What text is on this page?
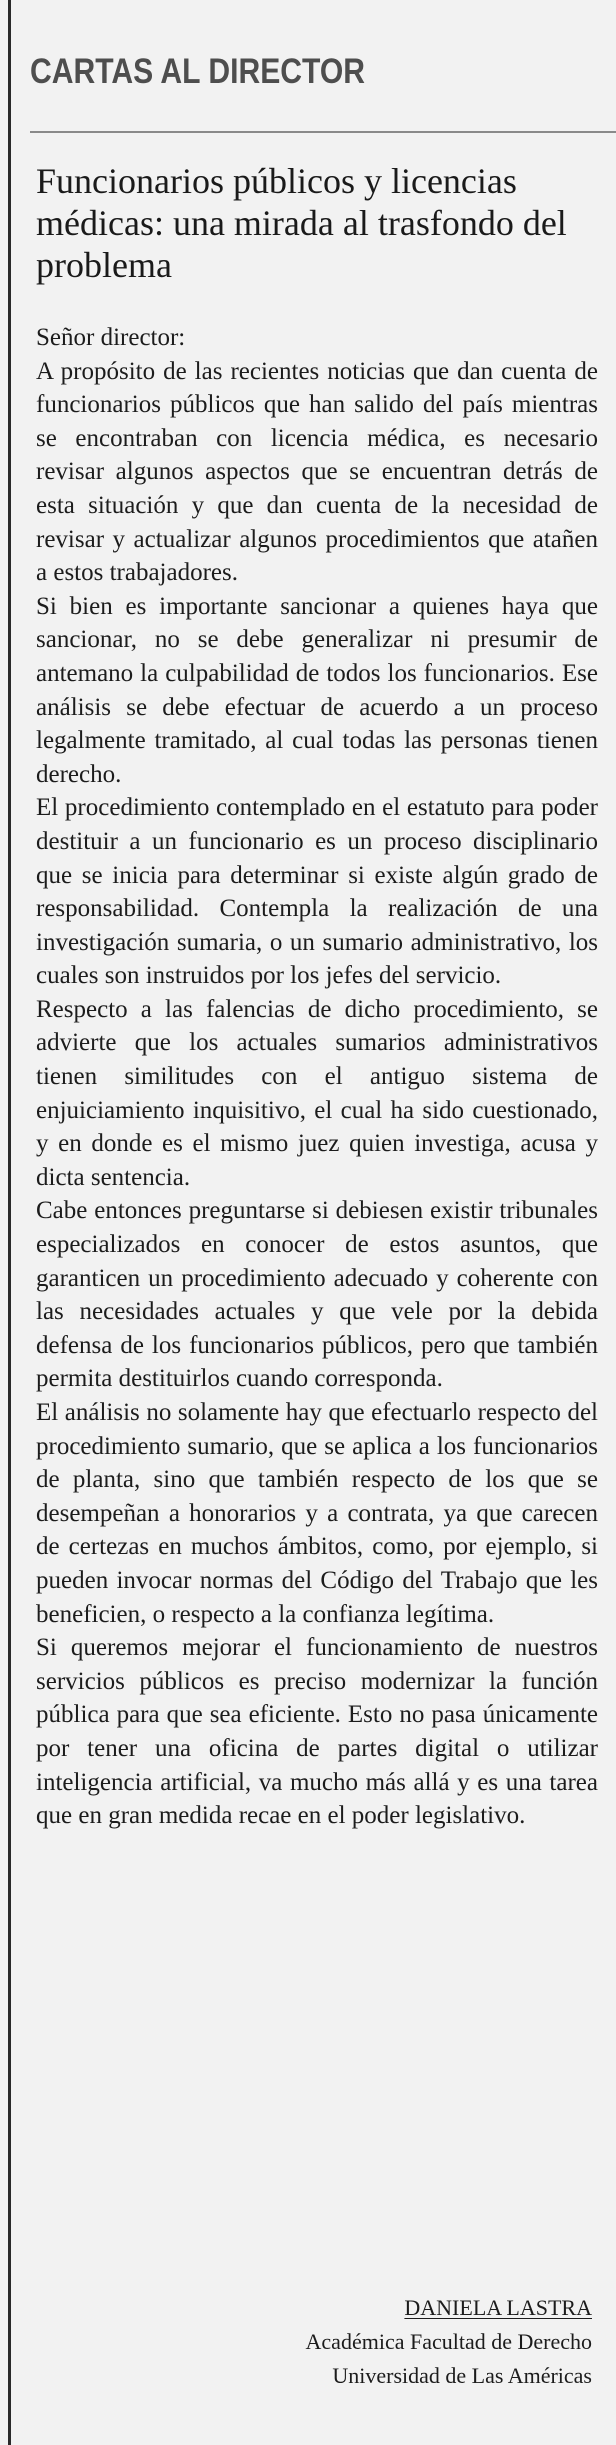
CARTAS AL DIRECTOR
Funcionarios públicos y licencias médicas: una mirada al trasfondo del problema

Señor director:

A propósito de las recientes noticias que dan cuenta de funcionarios públicos que han salido del país mientras se encontraban con licencia médica, es necesario revisar algunos aspectos que se encuentran detrás de esta situación y que dan cuenta de la necesidad de revisar y actualizar algunos procedimientos que atañen a estos trabajadores.

Si bien es importante sancionar a quienes haya que sancionar, no se debe generalizar ni presumir de antemano la culpabilidad de todos los funcionarios. Ese análisis se debe efectuar de acuerdo a un proceso legalmente tramitado, al cual todas las personas tienen derecho.

El procedimiento contemplado en el estatuto para poder destituir a un funcionario es un proceso disciplinario que se inicia para determinar si existe algún grado de responsabilidad. Contempla la realización de una investigación sumaria, o un sumario administrativo, los cuales son instruidos por los jefes del servicio.

Respecto a las falencias de dicho procedimiento, se advierte que los actuales sumarios administrativos tienen similitudes con el antiguo sistema de enjuiciamiento inquisitivo, el cual ha sido cuestionado, y en donde es el mismo juez quien investiga, acusa y dicta sentencia.

Cabe entonces preguntarse si debiesen existir tribunales especializados en conocer de estos asuntos, que garanticen un procedimiento adecuado y coherente con las necesidades actuales y que vele por la debida defensa de los funcionarios públicos, pero que también permita destituirlos cuando corresponda.

El análisis no solamente hay que efectuarlo respecto del procedimiento sumario, que se aplica a los funcionarios de planta, sino que también respecto de los que se desempeñan a honorarios y a contrata, ya que carecen de certezas en muchos ámbitos, como, por ejemplo, si pueden invocar normas del Código del Trabajo que les beneficien, o respecto a la confianza legítima.

Si queremos mejorar el funcionamiento de nuestros servicios públicos es preciso modernizar la función pública para que sea eficiente. Esto no pasa únicamente por tener una oficina de partes digital o utilizar inteligencia artificial, va mucho más allá y es una tarea que en gran medida recae en el poder legislativo.

DANIELA LASTRA
Académica Facultad de Derecho
Universidad de Las Américas
